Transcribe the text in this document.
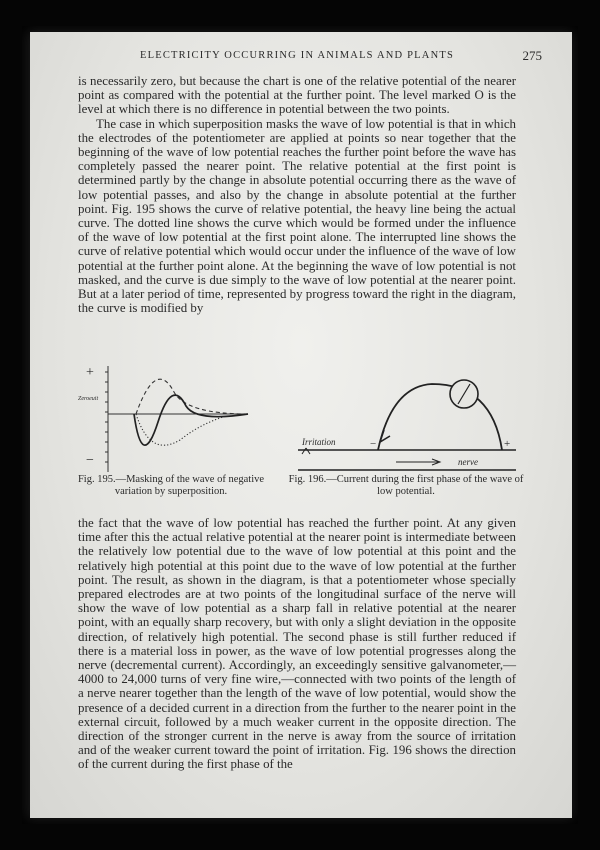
ELECTRICITY OCCURRING IN ANIMALS AND PLANTS	275

is necessarily zero, but because the chart is one of the relative potential of the nearer point as compared with the potential at the further point. The level marked O is the level at which there is no difference in potential between the two points.

The case in which superposition masks the wave of low potential is that in which the electrodes of the potentiometer are applied at points so near together that the beginning of the wave of low potential reaches the further point before the wave has completely passed the nearer point. The relative potential at the first point is determined partly by the change in absolute potential occurring there as the wave of low potential passes, and also by the change in absolute potential at the further point. Fig. 195 shows the curve of relative potential, the heavy line being the actual curve. The dotted line shows the curve which would be formed under the influence of the wave of low potential at the first point alone. The interrupted line shows the curve of relative potential which would occur under the influence of the wave of low potential at the further point alone. At the beginning the wave of low potential is not masked, and the curve is due simply to the wave of low potential at the nearer point. But at a later period of time, represented by progress toward the right in the diagram, the curve is modified by

+
−
Zeroeuit
Fig. 195.—Masking of the wave of negative variation by superposition.
Irritation	−	+
nerve
Fig. 196.—Current during the first phase of the wave of low potential.

the fact that the wave of low potential has reached the further point. At any given time after this the actual relative potential at the nearer point is intermediate between the relatively low potential due to the wave of low potential at this point and the relatively high potential at this point due to the wave of low potential at the further point. The result, as shown in the diagram, is that a potentiometer whose specially prepared electrodes are at two points of the longitudinal surface of the nerve will show the wave of low potential as a sharp fall in relative potential at the nearer point, with an equally sharp recovery, but with only a slight deviation in the opposite direction, of relatively high potential. The second phase is still further reduced if there is a material loss in power, as the wave of low potential progresses along the nerve (decremental current). Accordingly, an exceedingly sensitive galvanometer,—4000 to 24,000 turns of very fine wire,—connected with two points of the length of a nerve nearer together than the length of the wave of low potential, would show the presence of a decided current in a direction from the further to the nearer point in the external circuit, followed by a much weaker current in the opposite direction. The direction of the stronger current in the nerve is away from the source of irritation and of the weaker current toward the point of irritation. Fig. 196 shows the direction of the current during the first phase of the
